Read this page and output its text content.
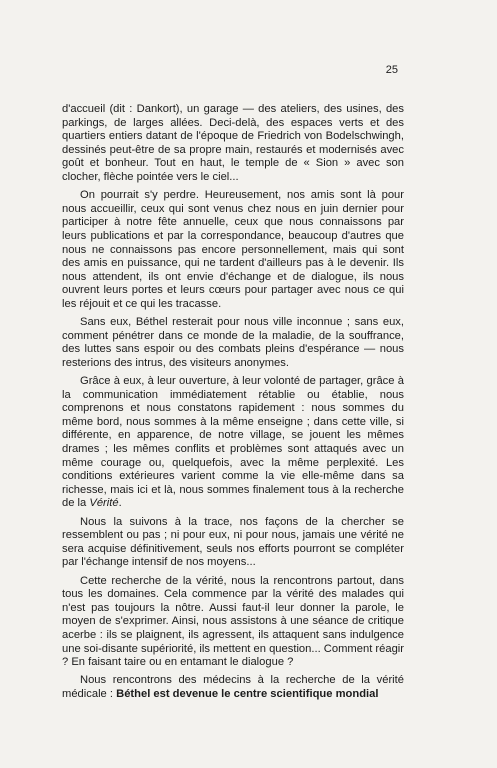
25

d'accueil (dit : Dankort), un garage — des ateliers, des usines, des parkings, de larges allées. Deci-delà, des espaces verts et des quartiers entiers datant de l'époque de Friedrich von Bodelschwingh, dessinés peut-être de sa propre main, restaurés et modernisés avec goût et bonheur. Tout en haut, le temple de « Sion » avec son clocher, flèche pointée vers le ciel...

On pourrait s'y perdre. Heureusement, nos amis sont là pour nous accueillir, ceux qui sont venus chez nous en juin dernier pour participer à notre fête annuelle, ceux que nous connaissons par leurs publications et par la correspondance, beaucoup d'autres que nous ne connaissons pas encore personnellement, mais qui sont des amis en puissance, qui ne tardent d'ailleurs pas à le devenir. Ils nous attendent, ils ont envie d'échange et de dialogue, ils nous ouvrent leurs portes et leurs cœurs pour partager avec nous ce qui les réjouit et ce qui les tracasse.

Sans eux, Béthel resterait pour nous ville inconnue ; sans eux, comment pénétrer dans ce monde de la maladie, de la souffrance, des luttes sans espoir ou des combats pleins d'espérance — nous resterions des intrus, des visiteurs anonymes.

Grâce à eux, à leur ouverture, à leur volonté de partager, grâce à la communication immédiatement rétablie ou établie, nous comprenons et nous constatons rapidement : nous sommes du même bord, nous sommes à la même enseigne ; dans cette ville, si différente, en apparence, de notre village, se jouent les mêmes drames ; les mêmes conflits et problèmes sont attaqués avec un même courage ou, quelquefois, avec la même perplexité. Les conditions extérieures varient comme la vie elle-même dans sa richesse, mais ici et là, nous sommes finalement tous à la recherche de la Vérité.

Nous la suivons à la trace, nos façons de la chercher se ressemblent ou pas ; ni pour eux, ni pour nous, jamais une vérité ne sera acquise définitivement, seuls nos efforts pourront se compléter par l'échange intensif de nos moyens...

Cette recherche de la vérité, nous la rencontrons partout, dans tous les domaines. Cela commence par la vérité des malades qui n'est pas toujours la nôtre. Aussi faut-il leur donner la parole, le moyen de s'exprimer. Ainsi, nous assistons à une séance de critique acerbe : ils se plaignent, ils agressent, ils attaquent sans indulgence une soi-disante supériorité, ils mettent en question... Comment réagir ? En faisant taire ou en entamant le dialogue ?

Nous rencontrons des médecins à la recherche de la vérité médicale : Béthel est devenue le centre scientifique mondial
